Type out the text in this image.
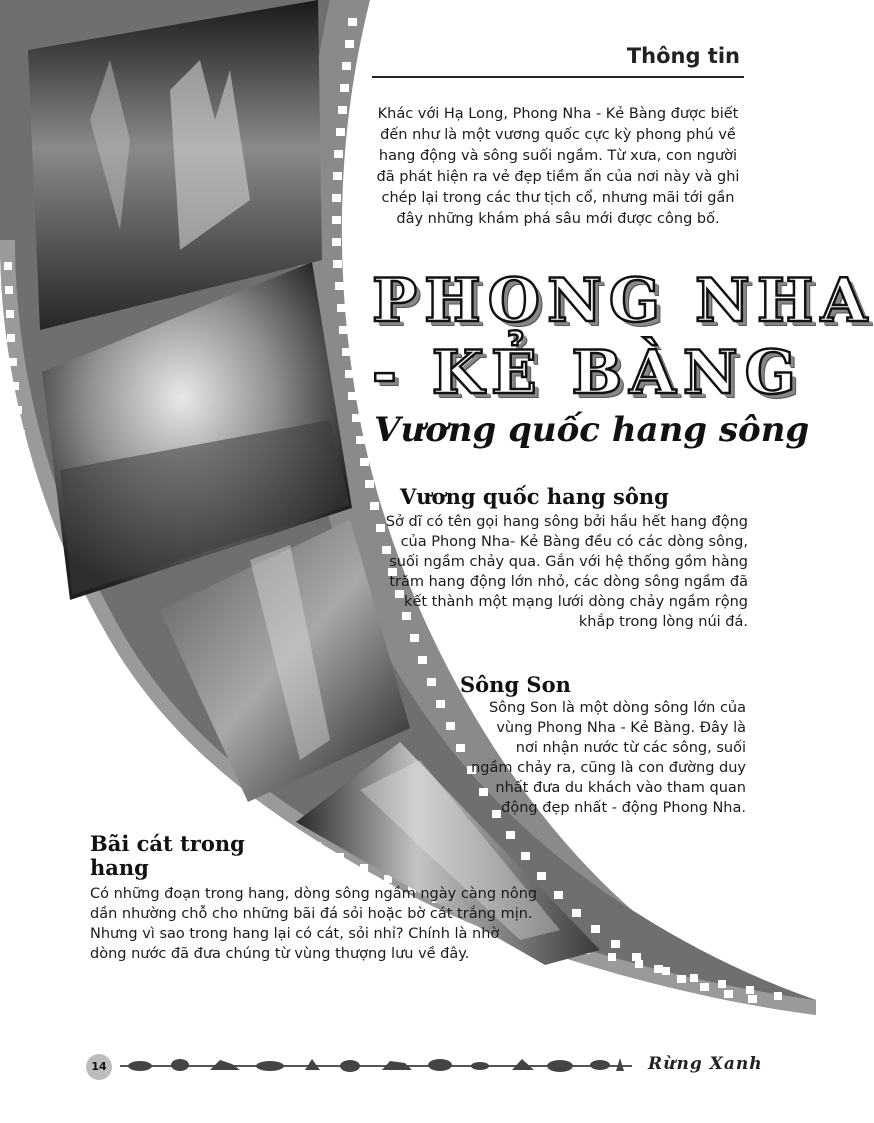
Thông tin

Khác với Hạ Long, Phong Nha - Kẻ Bàng được biết đến như là một vương quốc cực kỳ phong phú về hang động và sông suối ngầm. Từ xưa, con người đã phát hiện ra vẻ đẹp tiềm ẩn của nơi này và ghi chép lại trong các thư tịch cổ, nhưng mãi tới gần đây những khám phá sâu mới được công bố.

PHONG NHA
- KẺ BÀNG
Vương quốc hang sông
Vương quốc hang sông

Sở dĩ có tên gọi hang sông bởi hầu hết hang động của Phong Nha- Kẻ Bàng đều có các dòng sông, suối ngầm chảy qua. Gắn với hệ thống gồm hàng trăm hang động lớn nhỏ, các dòng sông ngầm đã kết thành một mạng lưới dòng chảy ngầm rộng khắp trong lòng núi đá.

Sông Son

Sông Son là một dòng sông lớn của vùng Phong Nha - Kẻ Bàng. Đây là nơi nhận nước từ các sông, suối ngầm chảy ra, cũng là con đường duy nhất đưa du khách vào tham quan động đẹp nhất - động Phong Nha.

Bãi cát trong hang

Có những đoạn trong hang, dòng sông ngầm ngày càng nông dần nhường chỗ cho những bãi đá sỏi hoặc bờ cát trắng mịn. Nhưng vì sao trong hang lại có cát, sỏi nhỉ? Chính là nhờ dòng nước đã đưa chúng từ vùng thượng lưu về đây.

14	Rừng Xanh
